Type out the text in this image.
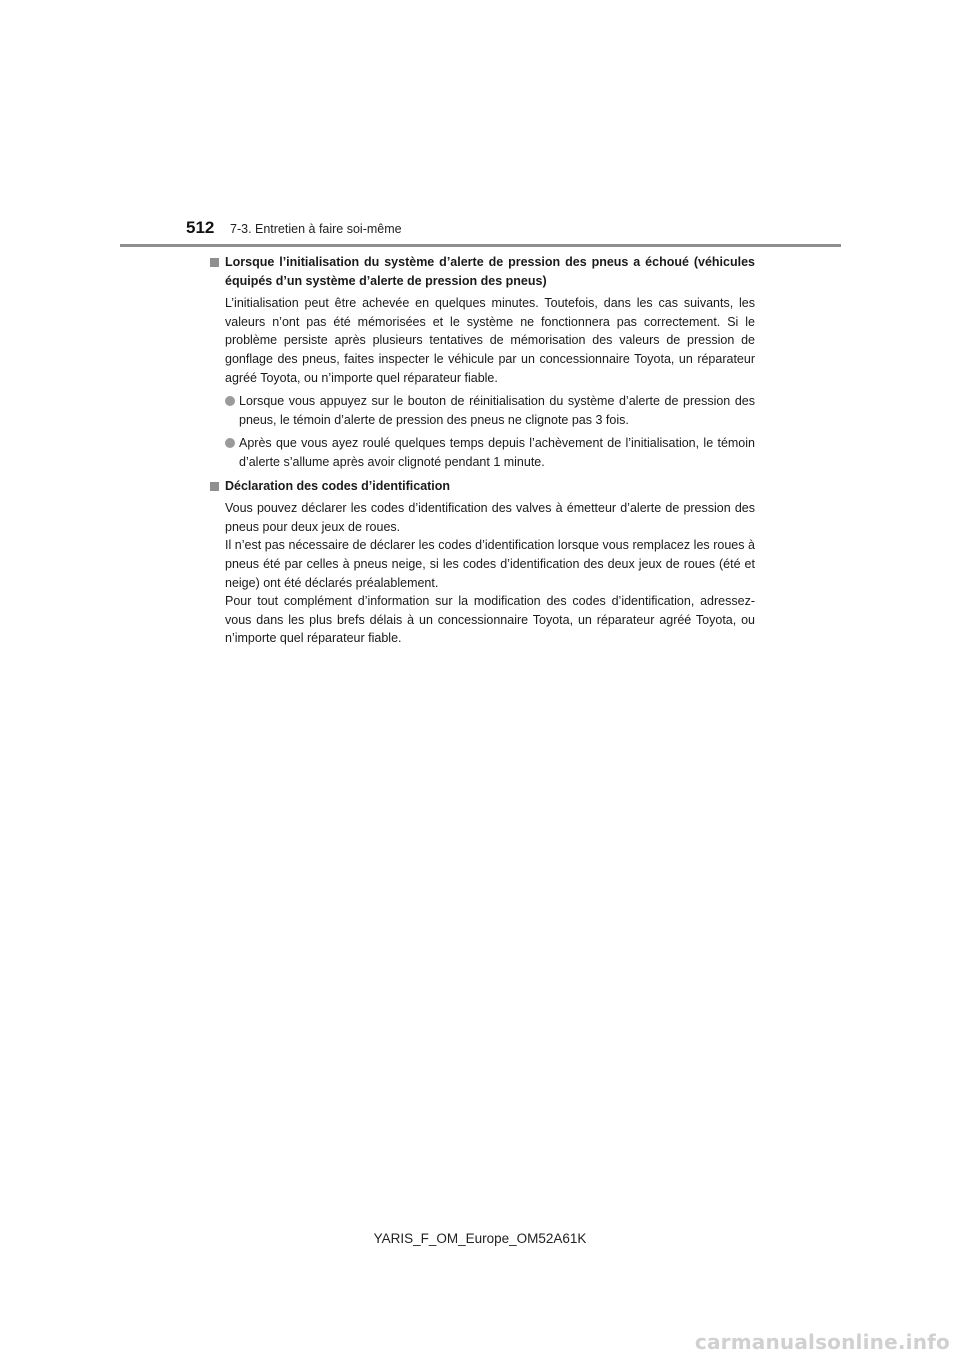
512 7-3. Entretien à faire soi-même
Lorsque l’initialisation du système d’alerte de pression des pneus a échoué (véhicules équipés d’un système d’alerte de pression des pneus)
L’initialisation peut être achevée en quelques minutes. Toutefois, dans les cas suivants, les valeurs n’ont pas été mémorisées et le système ne fonctionnera pas correctement. Si le problème persiste après plusieurs tentatives de mémorisation des valeurs de pression de gonflage des pneus, faites inspecter le véhicule par un concessionnaire Toyota, un réparateur agréé Toyota, ou n’importe quel réparateur fiable.
Lorsque vous appuyez sur le bouton de réinitialisation du système d’alerte de pression des pneus, le témoin d’alerte de pression des pneus ne clignote pas 3 fois.
Après que vous ayez roulé quelques temps depuis l’achèvement de l’initialisation, le témoin d’alerte s’allume après avoir clignoté pendant 1 minute.
Déclaration des codes d’identification
Vous pouvez déclarer les codes d’identification des valves à émetteur d’alerte de pression des pneus pour deux jeux de roues.
Il n’est pas nécessaire de déclarer les codes d’identification lorsque vous remplacez les roues à pneus été par celles à pneus neige, si les codes d’identification des deux jeux de roues (été et neige) ont été déclarés préalablement.
Pour tout complément d’information sur la modification des codes d’identification, adressez-vous dans les plus brefs délais à un concessionnaire Toyota, un réparateur agréé Toyota, ou n’importe quel réparateur fiable.
YARIS_F_OM_Europe_OM52A61K
carmanualsonline.info
